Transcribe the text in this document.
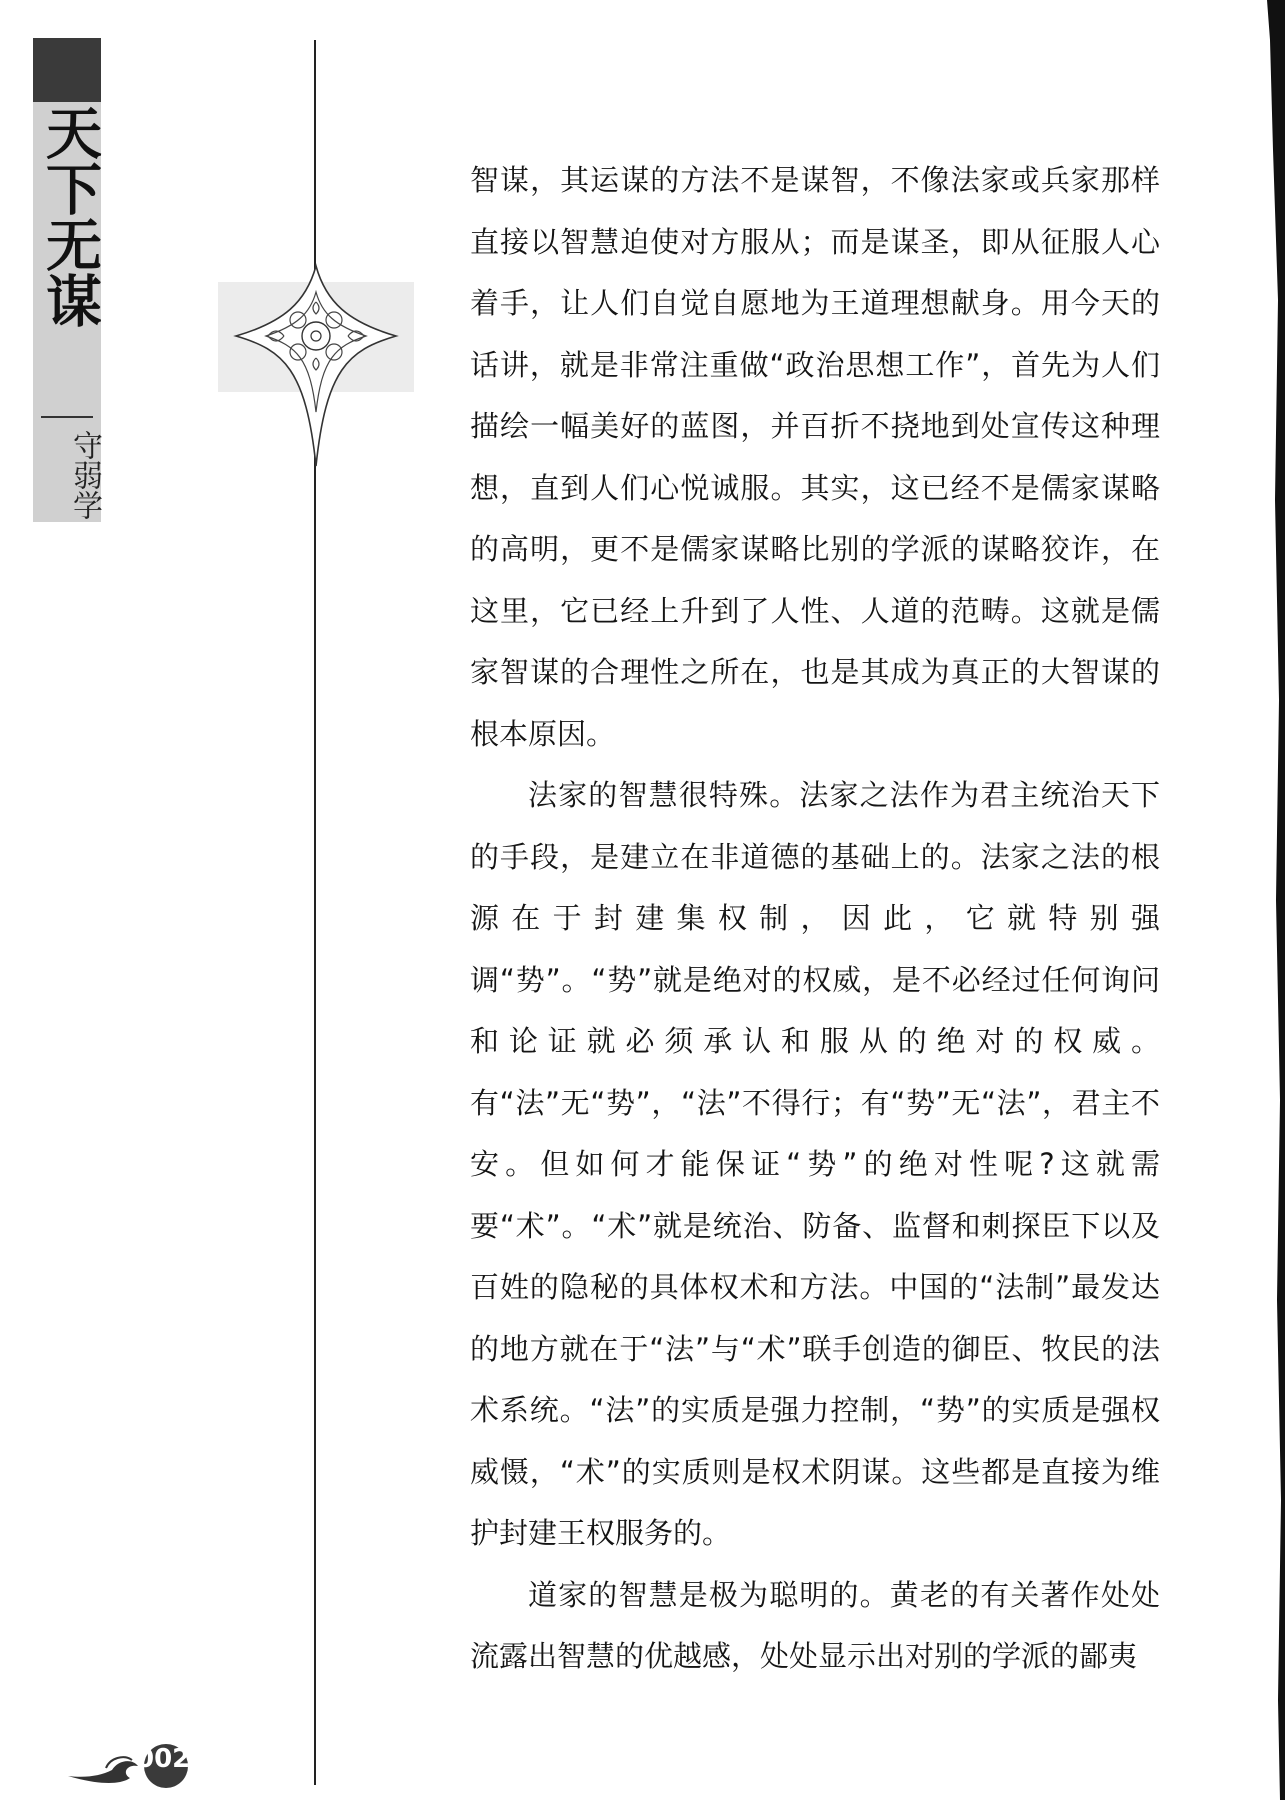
天下无谋
守弱学

智谋，其运谋的方法不是谋智，不像法家或兵家那样直接以智慧迫使对方服从；而是谋圣，即从征服人心着手，让人们自觉自愿地为王道理想献身。用今天的话讲，就是非常注重做“政治思想工作”，首先为人们描绘一幅美好的蓝图，并百折不挠地到处宣传这种理想，直到人们心悦诚服。其实，这已经不是儒家谋略的高明，更不是儒家谋略比别的学派的谋略狡诈，在这里，它已经上升到了人性、人道的范畴。这就是儒家智谋的合理性之所在，也是其成为真正的大智谋的根本原因。

法家的智慧很特殊。法家之法作为君主统治天下的手段，是建立在非道德的基础上的。法家之法的根源在于封建集权制，因此，它就特别强调“势”。“势”就是绝对的权威，是不必经过任何询问和论证就必须承认和服从的绝对的权威。有“法”无“势”，“法”不得行；有“势”无“法”，君主不安。但如何才能保证“势”的绝对性呢?这就需要“术”。“术”就是统治、防备、监督和刺探臣下以及百姓的隐秘的具体权术和方法。中国的“法制”最发达的地方就在于“法”与“术”联手创造的御臣、牧民的法术系统。“法”的实质是强力控制，“势”的实质是强权威慑，“术”的实质则是权术阴谋。这些都是直接为维护封建王权服务的。

道家的智慧是极为聪明的。黄老的有关著作处处流露出智慧的优越感，处处显示出对别的学派的鄙夷

002
